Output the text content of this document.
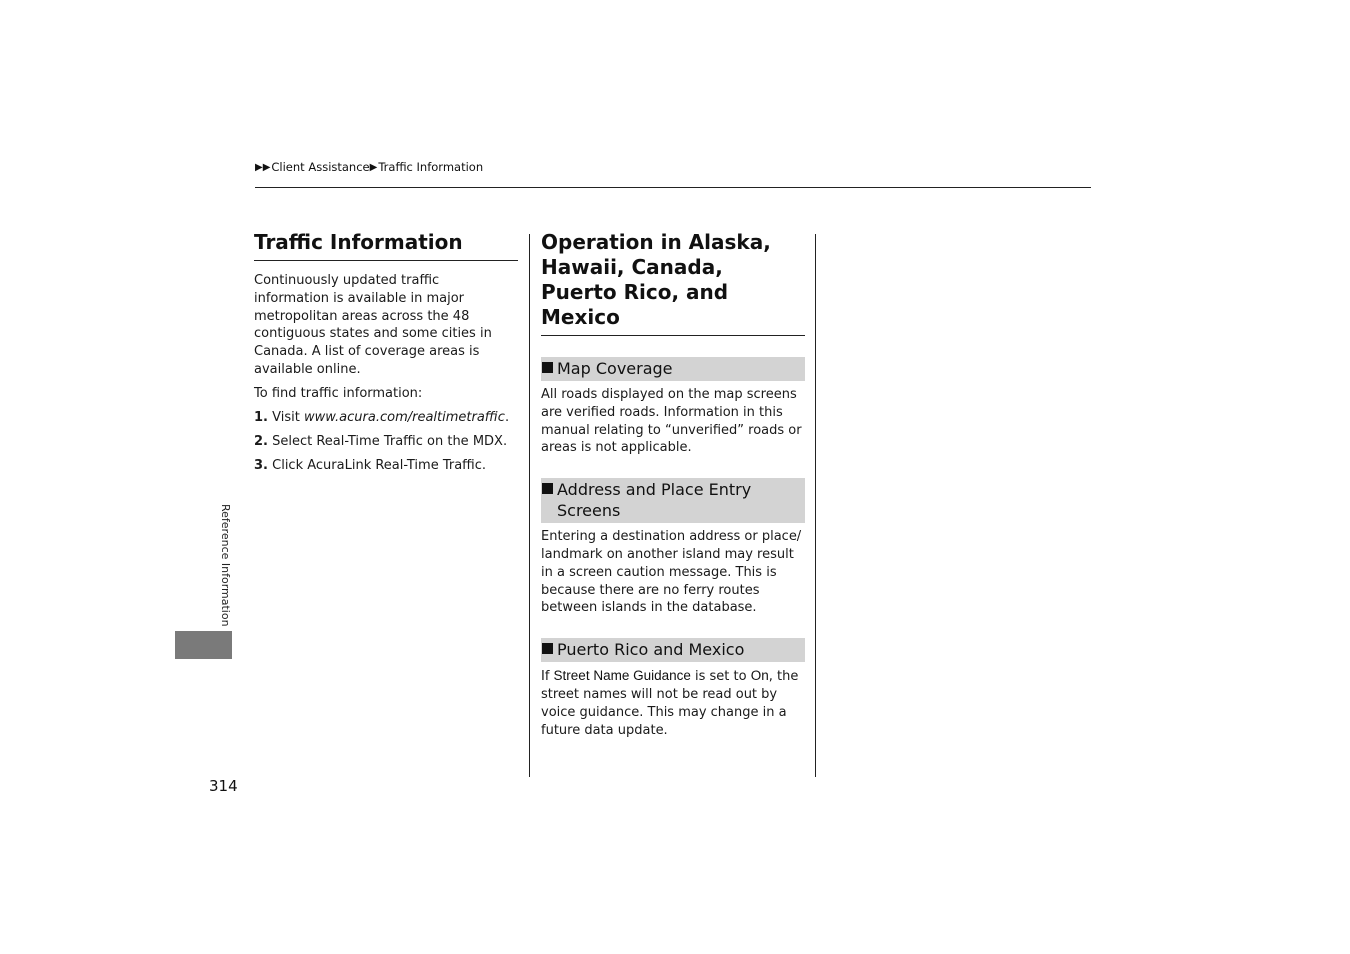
▶▶ Client Assistance ▶ Traffic Information
Reference Information
314
Traffic Information

Continuously updated traffic information is available in major metropolitan areas across the 48 contiguous states and some cities in Canada. A list of coverage areas is available online.

To find traffic information:

1. Visit www.acura.com/realtimetraffic.
2. Select Real-Time Traffic on the MDX.
3. Click AcuraLink Real-Time Traffic.
Operation in Alaska, Hawaii, Canada, Puerto Rico, and Mexico
Map Coverage

All roads displayed on the map screens are verified roads. Information in this manual relating to “unverified” roads or areas is not applicable.

Address and Place Entry Screens

Entering a destination address or place/ landmark on another island may result in a screen caution message. This is because there are no ferry routes between islands in the database.

Puerto Rico and Mexico

If Street Name Guidance is set to On, the street names will not be read out by voice guidance. This may change in a future data update.
